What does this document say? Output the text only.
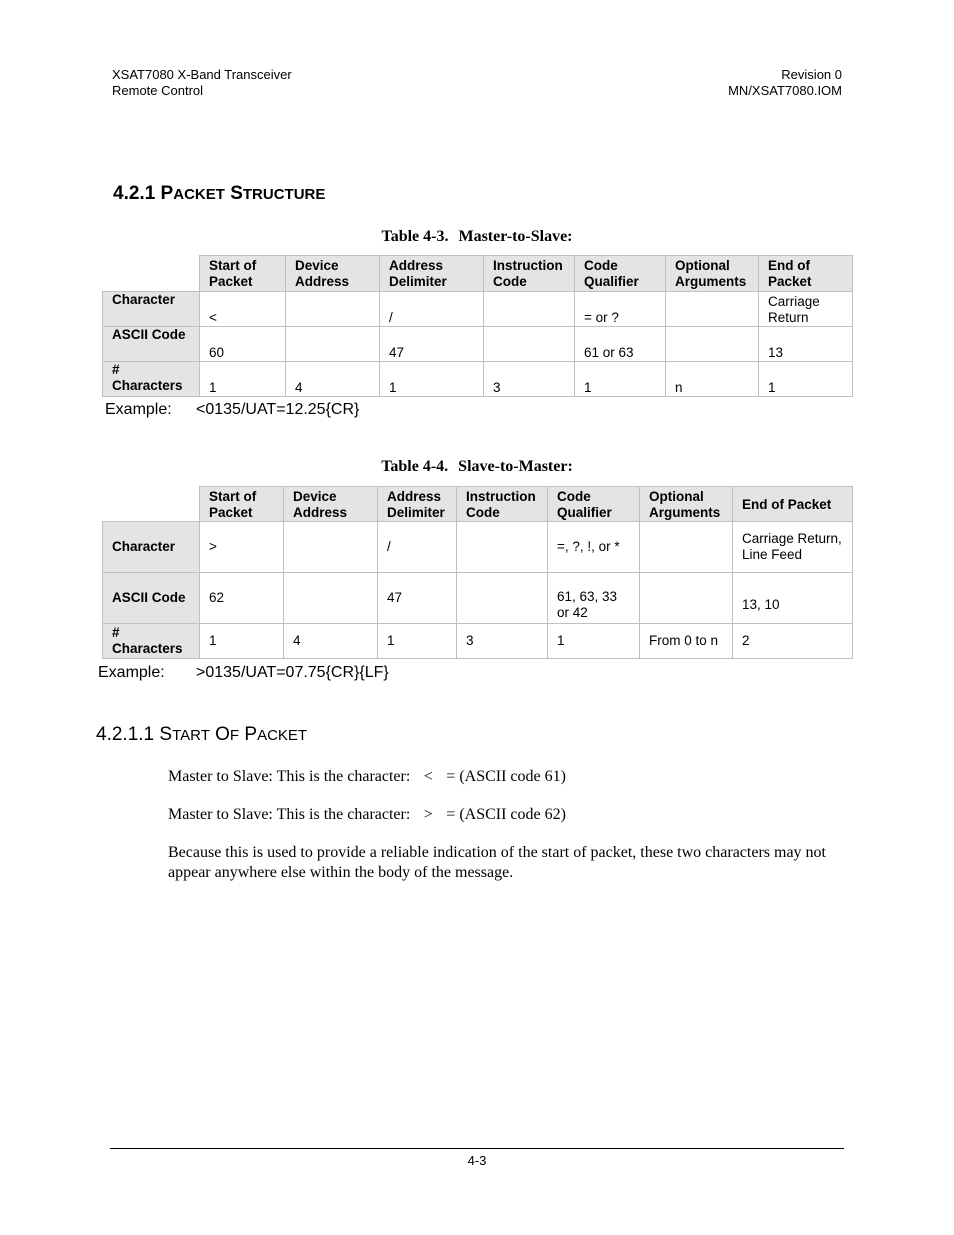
XSAT7080 X-Band Transceiver
Remote Control
Revision 0
MN/XSAT7080.IOM
4.2.1 PACKET STRUCTURE
Table 4-3. Master-to-Slave:
	Start of Packet	Device Address	Address Delimiter	Instruction Code	Code Qualifier	Optional Arguments	End of Packet
Character	<		/		= or ?		Carriage Return
ASCII Code	60		47		61 or 63		13
# Characters	1	4	1	3	1	n	1
Example: <0135/UAT=12.25{CR}
Table 4-4. Slave-to-Master:
	Start of Packet	Device Address	Address Delimiter	Instruction Code	Code Qualifier	Optional Arguments	End of Packet
Character	>		/		=, ?, !, or *		Carriage Return, Line Feed
ASCII Code	62		47		61, 63, 33 or 42		13, 10
# Characters	1	4	1	3	1	From 0 to n	2
Example: >0135/UAT=07.75{CR}{LF}
4.2.1.1 START OF PACKET
Master to Slave: This is the character: < = (ASCII code 61)
Master to Slave: This is the character: > = (ASCII code 62)
Because this is used to provide a reliable indication of the start of packet, these two characters may not appear anywhere else within the body of the message.
4-3
